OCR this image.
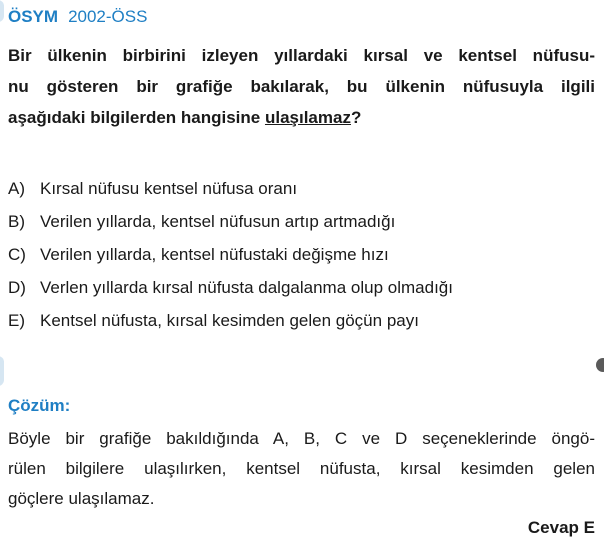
ÖSYM 2002-ÖSS
Bir ülkenin birbirini izleyen yıllardaki kırsal ve kentsel nüfusu-
nu gösteren bir grafiğe bakılarak, bu ülkenin nüfusuyla ilgili
aşağıdaki bilgilerden hangisine ulaşılamaz?
A) Kırsal nüfusu kentsel nüfusa oranı
B) Verilen yıllarda, kentsel nüfusun artıp artmadığı
C) Verilen yıllarda, kentsel nüfustaki değişme hızı
D) Verlen yıllarda kırsal nüfusta dalgalanma olup olmadığı
E) Kentsel nüfusta, kırsal kesimden gelen göçün payı
Çözüm:
Böyle bir grafiğe bakıldığında A, B, C ve D seçeneklerinde öngö-
rülen bilgilere ulaşılırken, kentsel nüfusta, kırsal kesimden gelen
göçlere ulaşılamaz.
Cevap E
